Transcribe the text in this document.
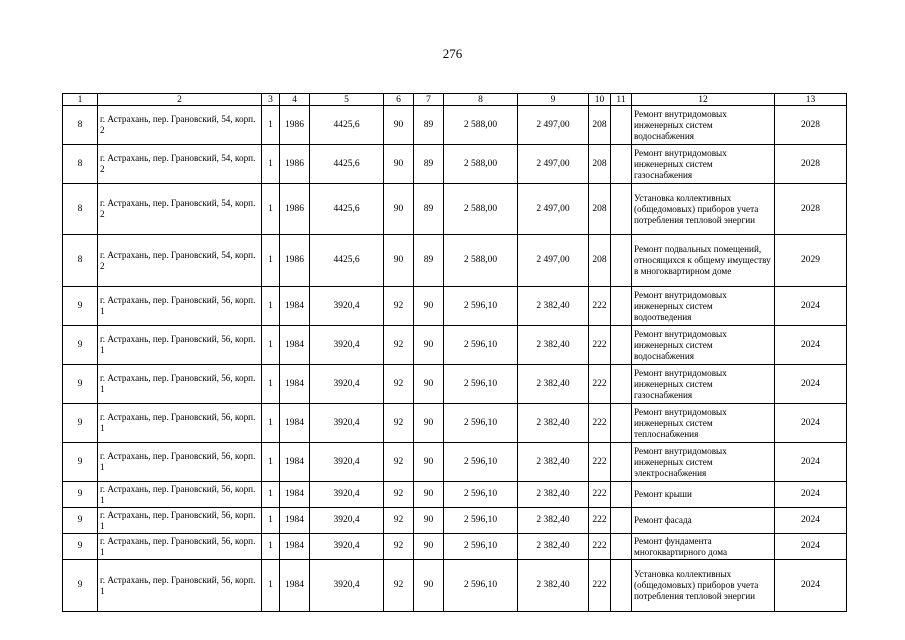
276
1	2	3	4	5	6	7	8	9	10	11	12	13
8	г. Астрахань, пер. Грановский, 54, корп. 2	1	1986	4425,6	90	89	2 588,00	2 497,00	208		Ремонт внутридомовых инженерных систем водоснабжения	2028
8	г. Астрахань, пер. Грановский, 54, корп. 2	1	1986	4425,6	90	89	2 588,00	2 497,00	208		Ремонт внутридомовых инженерных систем газоснабжения	2028
8	г. Астрахань, пер. Грановский, 54, корп. 2	1	1986	4425,6	90	89	2 588,00	2 497,00	208		Установка коллективных (общедомовых) приборов учета потребления тепловой энергии	2028
8	г. Астрахань, пер. Грановский, 54, корп. 2	1	1986	4425,6	90	89	2 588,00	2 497,00	208		Ремонт подвальных помещений, относящихся к общему имуществу в многоквартирном доме	2029
9	г. Астрахань, пер. Грановский, 56, корп. 1	1	1984	3920,4	92	90	2 596,10	2 382,40	222		Ремонт внутридомовых инженерных систем водоотведения	2024
9	г. Астрахань, пер. Грановский, 56, корп. 1	1	1984	3920,4	92	90	2 596,10	2 382,40	222		Ремонт внутридомовых инженерных систем водоснабжения	2024
9	г. Астрахань, пер. Грановский, 56, корп. 1	1	1984	3920,4	92	90	2 596,10	2 382,40	222		Ремонт внутридомовых инженерных систем газоснабжения	2024
9	г. Астрахань, пер. Грановский, 56, корп. 1	1	1984	3920,4	92	90	2 596,10	2 382,40	222		Ремонт внутридомовых инженерных систем теплоснабжения	2024
9	г. Астрахань, пер. Грановский, 56, корп. 1	1	1984	3920,4	92	90	2 596,10	2 382,40	222		Ремонт внутридомовых инженерных систем электроснабжения	2024
9	г. Астрахань, пер. Грановский, 56, корп. 1	1	1984	3920,4	92	90	2 596,10	2 382,40	222		Ремонт крыши	2024
9	г. Астрахань, пер. Грановский, 56, корп. 1	1	1984	3920,4	92	90	2 596,10	2 382,40	222		Ремонт фасада	2024
9	г. Астрахань, пер. Грановский, 56, корп. 1	1	1984	3920,4	92	90	2 596,10	2 382,40	222		Ремонт фундамента многоквартирного дома	2024
9	г. Астрахань, пер. Грановский, 56, корп. 1	1	1984	3920,4	92	90	2 596,10	2 382,40	222		Установка коллективных (общедомовых) приборов учета потребления тепловой энергии	2024
